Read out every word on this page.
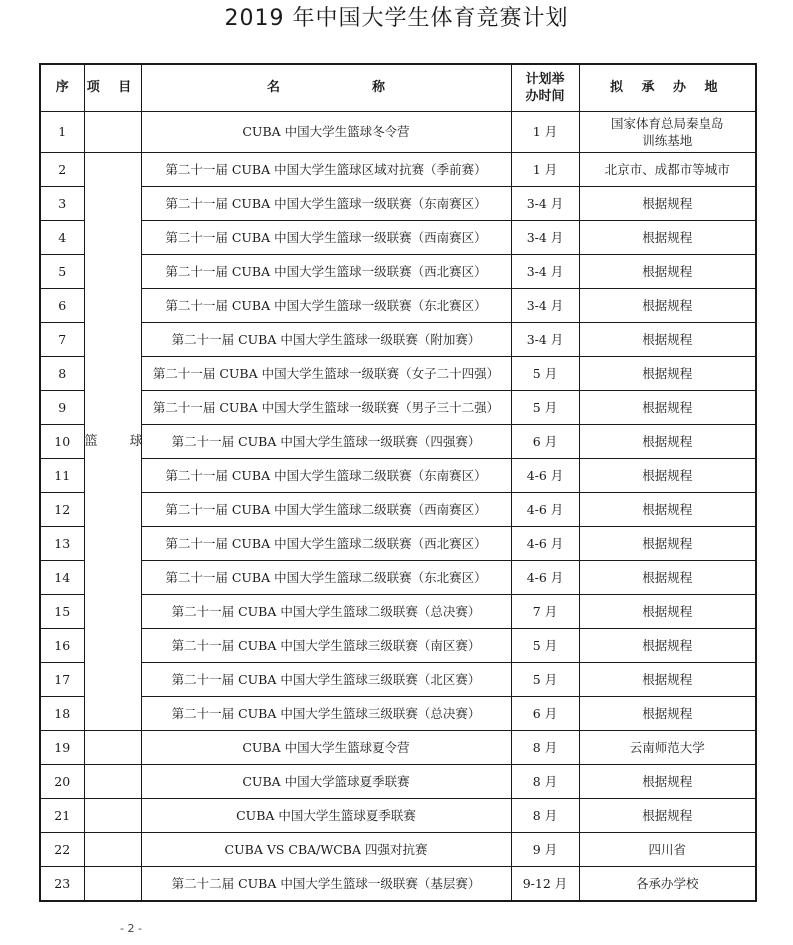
2019 年中国大学生体育竞赛计划
序	项 目	名 称	计划举办时间	拟 承 办 地
1		CUBA 中国大学生篮球冬令营	1 月	国家体育总局秦皇岛训练基地
2	篮 球	第二十一届 CUBA 中国大学生篮球区域对抗赛（季前赛）	1 月	北京市、成都市等城市
3		第二十一届 CUBA 中国大学生篮球一级联赛（东南赛区）	3-4 月	根据规程
4		第二十一届 CUBA 中国大学生篮球一级联赛（西南赛区）	3-4 月	根据规程
5		第二十一届 CUBA 中国大学生篮球一级联赛（西北赛区）	3-4 月	根据规程
6		第二十一届 CUBA 中国大学生篮球一级联赛（东北赛区）	3-4 月	根据规程
7		第二十一届 CUBA 中国大学生篮球一级联赛（附加赛）	3-4 月	根据规程
8		第二十一届 CUBA 中国大学生篮球一级联赛（女子二十四强）	5 月	根据规程
9		第二十一届 CUBA 中国大学生篮球一级联赛（男子三十二强）	5 月	根据规程
10		第二十一届 CUBA 中国大学生篮球一级联赛（四强赛）	6 月	根据规程
11		第二十一届 CUBA 中国大学生篮球二级联赛（东南赛区）	4-6 月	根据规程
12		第二十一届 CUBA 中国大学生篮球二级联赛（西南赛区）	4-6 月	根据规程
13		第二十一届 CUBA 中国大学生篮球二级联赛（西北赛区）	4-6 月	根据规程
14		第二十一届 CUBA 中国大学生篮球二级联赛（东北赛区）	4-6 月	根据规程
15		第二十一届 CUBA 中国大学生篮球二级联赛（总决赛）	7 月	根据规程
16		第二十一届 CUBA 中国大学生篮球三级联赛（南区赛）	5 月	根据规程
17		第二十一届 CUBA 中国大学生篮球三级联赛（北区赛）	5 月	根据规程
18		第二十一届 CUBA 中国大学生篮球三级联赛（总决赛）	6 月	根据规程
19		CUBA 中国大学生篮球夏令营	8 月	云南师范大学
20		CUBA 中国大学篮球夏季联赛	8 月	根据规程
21		CUBA 中国大学生篮球夏季联赛	8 月	根据规程
22		CUBA VS CBA/WCBA 四强对抗赛	9 月	四川省
23		第二十二届 CUBA 中国大学生篮球一级联赛（基层赛）	9-12 月	各承办学校
- 2 -
